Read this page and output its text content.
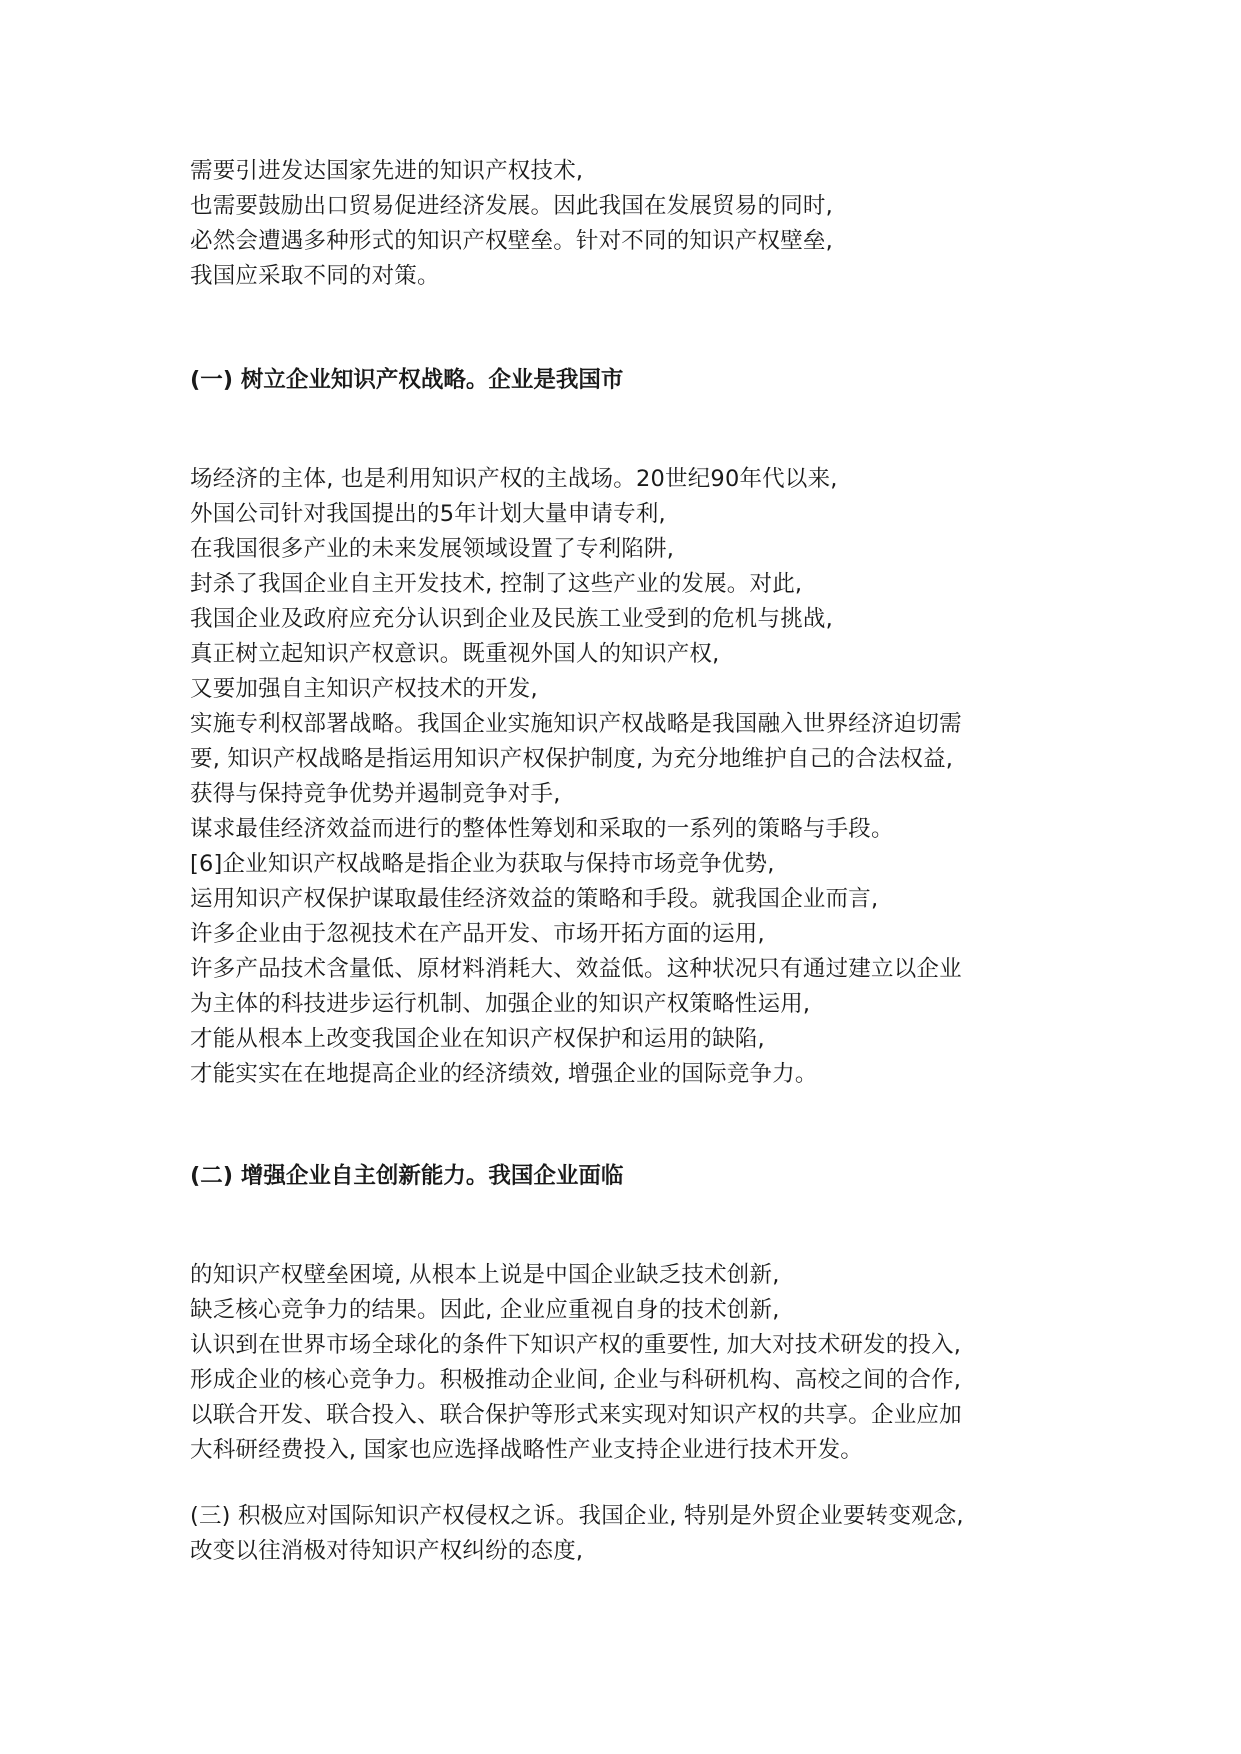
需要引进发达国家先进的知识产权技术,
也需要鼓励出口贸易促进经济发展。因此我国在发展贸易的同时,
必然会遭遇多种形式的知识产权壁垒。针对不同的知识产权壁垒,
我国应采取不同的对策。
(一) 树立企业知识产权战略。企业是我国市
场经济的主体, 也是利用知识产权的主战场。20世纪90年代以来,
外国公司针对我国提出的5年计划大量申请专利,
在我国很多产业的未来发展领域设置了专利陷阱,
封杀了我国企业自主开发技术, 控制了这些产业的发展。对此,
我国企业及政府应充分认识到企业及民族工业受到的危机与挑战,
真正树立起知识产权意识。既重视外国人的知识产权,
又要加强自主知识产权技术的开发,
实施专利权部署战略。我国企业实施知识产权战略是我国融入世界经济迫切需
要, 知识产权战略是指运用知识产权保护制度, 为充分地维护自己的合法权益,
获得与保持竞争优势并遏制竞争对手,
谋求最佳经济效益而进行的整体性筹划和采取的一系列的策略与手段。
[6]企业知识产权战略是指企业为获取与保持市场竞争优势,
运用知识产权保护谋取最佳经济效益的策略和手段。就我国企业而言,
许多企业由于忽视技术在产品开发、市场开拓方面的运用,
许多产品技术含量低、原材料消耗大、效益低。这种状况只有通过建立以企业
为主体的科技进步运行机制、加强企业的知识产权策略性运用,
才能从根本上改变我国企业在知识产权保护和运用的缺陷,
才能实实在在地提高企业的经济绩效, 增强企业的国际竞争力。
(二) 增强企业自主创新能力。我国企业面临
的知识产权壁垒困境, 从根本上说是中国企业缺乏技术创新,
缺乏核心竞争力的结果。因此, 企业应重视自身的技术创新,
认识到在世界市场全球化的条件下知识产权的重要性, 加大对技术研发的投入,
形成企业的核心竞争力。积极推动企业间, 企业与科研机构、高校之间的合作,
以联合开发、联合投入、联合保护等形式来实现对知识产权的共享。企业应加
大科研经费投入, 国家也应选择战略性产业支持企业进行技术开发。
(三) 积极应对国际知识产权侵权之诉。我国企业, 特别是外贸企业要转变观念,
改变以往消极对待知识产权纠纷的态度,
